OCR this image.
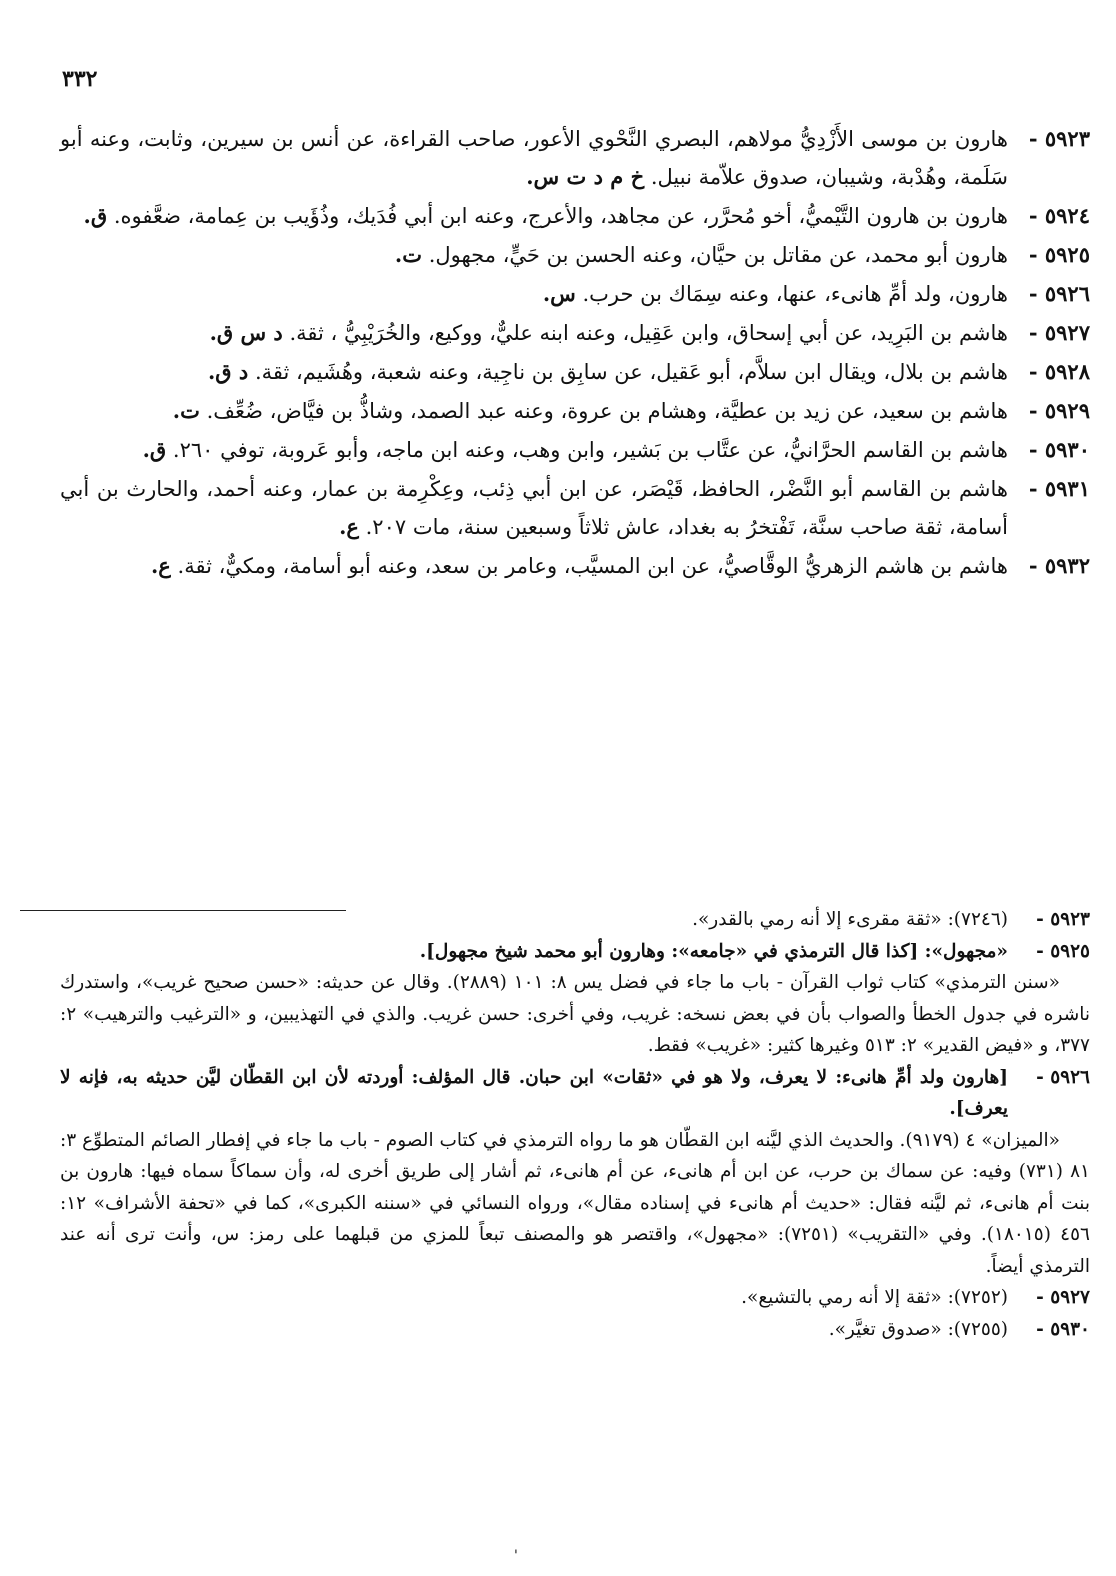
٣٣٢

٥٩٢٣ -هارون بن موسى الأَزْدِيُّ مولاهم، البصري النَّحْوي الأعور، صاحب القراءة، عن أنس بن سيرين، وثابت، وعنه أبو سَلَمة، وهُدْبة، وشيبان، صدوق علاّمة نبيل. خ م د ت س.

٥٩٢٤ -هارون بن هارون التَّيْميُّ، أخو مُحرَّر، عن مجاهد، والأعرج، وعنه ابن أبي فُدَيك، وذُؤَيب بن عِمامة، ضعَّفوه. ق.

٥٩٢٥ -هارون أبو محمد، عن مقاتل بن حيَّان، وعنه الحسن بن حَيٍّ، مجهول. ت.

٥٩٢٦ -هارون، ولد أمِّ هانىء، عنها، وعنه سِمَاك بن حرب. س.

٥٩٢٧ -هاشم بن البَرِيد، عن أبي إسحاق، وابن عَقِيل، وعنه ابنه عليٌّ، ووكيع، والخُرَيْبِيُّ ، ثقة. د س ق.

٥٩٢٨ -هاشم بن بلال، ويقال ابن سلاَّم، أبو عَقيل، عن سابِق بن ناجِية، وعنه شعبة، وهُشَيم، ثقة. د ق.

٥٩٢٩ -هاشم بن سعيد، عن زيد بن عطيَّة، وهشام بن عروة، وعنه عبد الصمد، وشاذُّ بن فيَّاض، ضُعِّف. ت.

٥٩٣٠ -هاشم بن القاسم الحرَّانيُّ، عن عتَّاب بن بَشير، وابن وهب، وعنه ابن ماجه، وأبو عَروبة، توفي ٢٦٠. ق.

٥٩٣١ -هاشم بن القاسم أبو النَّضْر، الحافظ، قَيْصَر، عن ابن أبي ذِئب، وعِكْرِمة بن عمار، وعنه أحمد، والحارث بن أبي أسامة، ثقة صاحب سنَّة، تَفْتخرُ به بغداد، عاش ثلاثاً وسبعين سنة، مات ٢٠٧. ع.

٥٩٣٢ -هاشم بن هاشم الزهريُّ الوقَّاصيُّ، عن ابن المسيَّب، وعامر بن سعد، وعنه أبو أسامة، ومكيٌّ، ثقة. ع.

٥٩٢٣ -(٧٢٤٦): «ثقة مقرىء إلا أنه رمي بالقدر».

٥٩٢٥ -«مجهول»: [كذا قال الترمذي في «جامعه»: وهارون أبو محمد شيخ مجهول].

«سنن الترمذي» كتاب ثواب القرآن - باب ما جاء في فضل يس ٨: ١٠١ (٢٨٨٩). وقال عن حديثه: «حسن صحيح غريب»، واستدرك ناشره في جدول الخطأ والصواب بأن في بعض نسخه: غريب، وفي أخرى: حسن غريب. والذي في التهذيبين، و «الترغيب والترهيب» ٢: ٣٧٧، و «فيض القدير» ٢: ٥١٣ وغيرها كثير: «غريب» فقط.

٥٩٢٦ -[هارون ولد أمِّ هانىء: لا يعرف، ولا هو في «ثقات» ابن حبان. قال المؤلف: أوردته لأن ابن القطّان ليَّن حديثه به، فإنه لا يعرف].

«الميزان» ٤ (٩١٧٩). والحديث الذي ليَّنه ابن القطّان هو ما رواه الترمذي في كتاب الصوم - باب ما جاء في إفطار الصائم المتطوِّع ٣: ٨١ (٧٣١) وفيه: عن سماك بن حرب، عن ابن أم هانىء، عن أم هانىء، ثم أشار إلى طريق أخرى له، وأن سماكاً سماه فيها: هارون بن بنت أم هانىء، ثم ليَّنه فقال: «حديث أم هانىء في إسناده مقال»، ورواه النسائي في «سننه الكبرى»، كما في «تحفة الأشراف» ١٢: ٤٥٦ (١٨٠١٥). وفي «التقريب» (٧٢٥١): «مجهول»، واقتصر هو والمصنف تبعاً للمزي من قبلهما على رمز: س، وأنت ترى أنه عند الترمذي أيضاً.

٥٩٢٧ -(٧٢٥٢): «ثقة إلا أنه رمي بالتشيع».

٥٩٣٠ -(٧٢٥٥): «صدوق تغيَّر».

'
